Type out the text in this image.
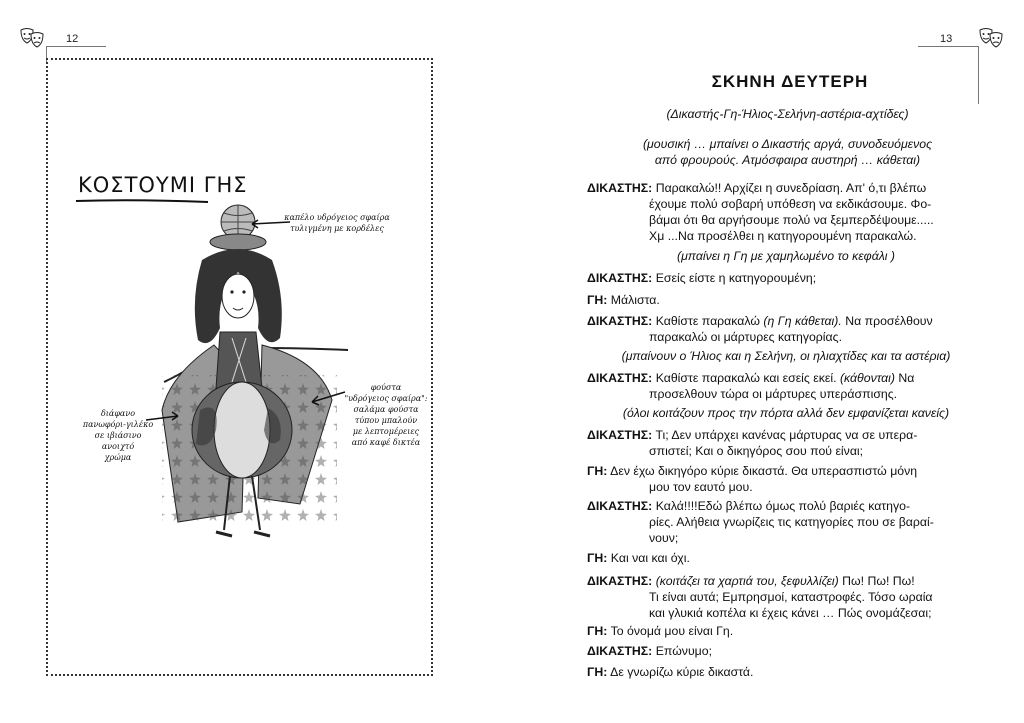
12
ΚΟΣΤΟΥΜΙ ΓΗΣ
καπέλο υδρόγειος σφαίρα
τυλιγμένη με κορδέλες
διάφανο
πανωφόρι-γιλέκο
σε ιβιάσινο ανοιχτό
χρώμα
φούστα
"υδρόγειος σφαίρα":
σαλάμα φούστα
τύπου μπαλούν
με λεπτομέρειες
από καφέ δικτέα
13
ΣΚΗΝΗ ΔΕΥΤΕΡΗ
(Δικαστής-Γη-Ήλιος-Σελήνη-αστέρια-αχτίδες)
(μουσική … μπαίνει ο Δικαστής αργά, συνοδευόμενος
από φρουρούς. Ατμόσφαιρα αυστηρή … κάθεται)
ΔΙΚΑΣΤΗΣ: Παρακαλώ!! Αρχίζει η συνεδρίαση. Απ' ό,τι βλέπω
έχουμε πολύ σοβαρή υπόθεση να εκδικάσουμε. Φο-
βάμαι ότι θα αργήσουμε πολύ να ξεμπερδέψουμε.....
Χμ ...Να προσέλθει η κατηγορουμένη παρακαλώ.
(μπαίνει η Γη με χαμηλωμένο το κεφάλι )
ΔΙΚΑΣΤΗΣ: Εσείς είστε η κατηγορουμένη;
ΓΗ: Μάλιστα.
ΔΙΚΑΣΤΗΣ: Καθίστε παρακαλώ (η Γη κάθεται). Να προσέλθουν
παρακαλώ οι μάρτυρες κατηγορίας.
(μπαίνουν ο Ήλιος και η Σελήνη, οι ηλιαχτίδες και τα αστέρια)
ΔΙΚΑΣΤΗΣ: Καθίστε παρακαλώ και εσείς εκεί. (κάθονται) Να
προσελθουν τώρα οι μάρτυρες υπεράσπισης.
(όλοι κοιτάζουν προς την πόρτα αλλά δεν εμφανίζεται κανείς)
ΔΙΚΑΣΤΗΣ: Τι; Δεν υπάρχει κανένας μάρτυρας να σε υπερα-
σπιστεί; Και ο δικηγόρος σου πού είναι;
ΓΗ: Δεν έχω δικηγόρο κύριε δικαστά. Θα υπερασπιστώ μόνη
μου τον εαυτό μου.
ΔΙΚΑΣΤΗΣ: Καλά!!!!Εδώ βλέπω όμως πολύ βαριές κατηγο-
ρίες. Αλήθεια γνωρίζεις τις κατηγορίες που σε βαραί-
νουν;
ΓΗ: Και ναι και όχι.
ΔΙΚΑΣΤΗΣ: (κοιτάζει τα χαρτιά του, ξεφυλλίζει) Πω! Πω! Πω!
Τι είναι αυτά; Εμπρησμοί, καταστροφές. Τόσο ωραία
και γλυκιά κοπέλα κι έχεις κάνει … Πώς ονομάζεσαι;
ΓΗ: Το όνομά μου είναι Γη.
ΔΙΚΑΣΤΗΣ: Επώνυμο;
ΓΗ: Δε γνωρίζω κύριε δικαστά.
